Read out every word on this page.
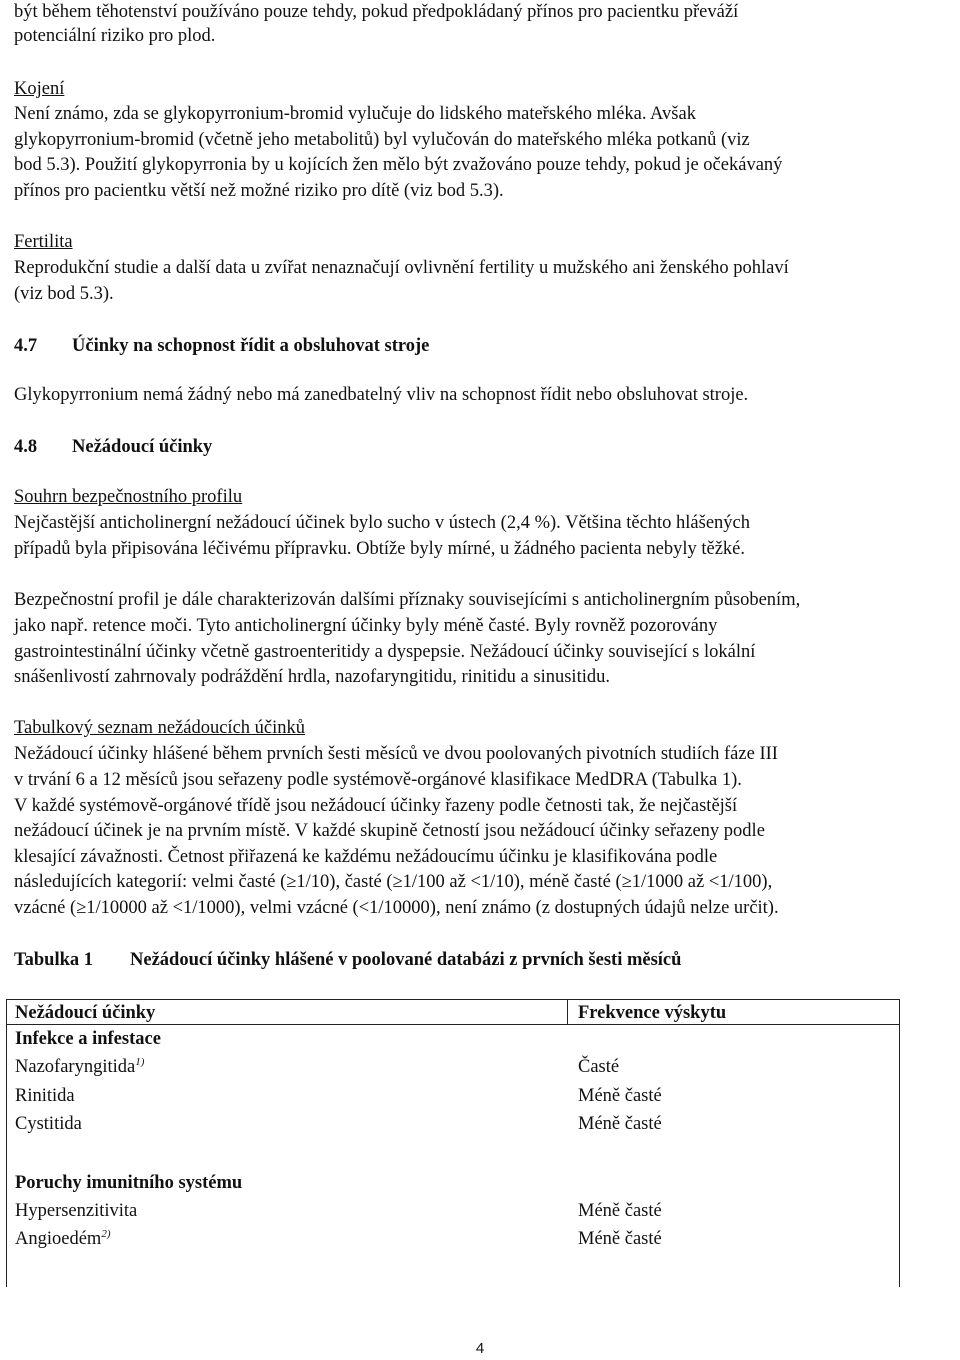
být během těhotenství používáno pouze tehdy, pokud předpokládaný přínos pro pacientku převáží
potenciální riziko pro plod.
Kojení
Není známo, zda se glykopyrronium-bromid vylučuje do lidského mateřského mléka. Avšak
glykopyrronium-bromid (včetně jeho metabolitů) byl vylučován do mateřského mléka potkanů (viz
bod 5.3). Použití glykopyrronia by u kojících žen mělo být zvažováno pouze tehdy, pokud je očekávaný
přínos pro pacientku větší než možné riziko pro dítě (viz bod 5.3).
Fertilita
Reprodukční studie a další data u zvířat nenaznačují ovlivnění fertility u mužského ani ženského pohlaví
(viz bod 5.3).
4.7 Účinky na schopnost řídit a obsluhovat stroje
Glykopyrronium nemá žádný nebo má zanedbatelný vliv na schopnost řídit nebo obsluhovat stroje.
4.8 Nežádoucí účinky
Souhrn bezpečnostního profilu
Nejčastější anticholinergní nežádoucí účinek bylo sucho v ústech (2,4 %). Většina těchto hlášených
případů byla připisována léčivému přípravku. Obtíže byly mírné, u žádného pacienta nebyly těžké.
Bezpečnostní profil je dále charakterizován dalšími příznaky souvisejícími s anticholinergním působením,
jako např. retence moči. Tyto anticholinergní účinky byly méně časté. Byly rovněž pozorovány
gastrointestinální účinky včetně gastroenteritidy a dyspepsie. Nežádoucí účinky související s lokální
snášenlivostí zahrnovaly podráždění hrdla, nazofaryngitidu, rinitidu a sinusitidu.
Tabulkový seznam nežádoucích účinků
Nežádoucí účinky hlášené během prvních šesti měsíců ve dvou poolovaných pivotních studiích fáze III
v trvání 6 a 12 měsíců jsou seřazeny podle systémově-orgánové klasifikace MedDRA (Tabulka 1).
V každé systémově-orgánové třídě jsou nežádoucí účinky řazeny podle četnosti tak, že nejčastější
nežádoucí účinek je na prvním místě. V každé skupině četností jsou nežádoucí účinky seřazeny podle
klesající závažnosti. Četnost přiřazená ke každému nežádoucímu účinku je klasifikována podle
následujících kategorií: velmi časté (≥1/10), časté (≥1/100 až <1/10), méně časté (≥1/1000 až <1/100),
vzácné (≥1/10000 až <1/1000), velmi vzácné (<1/10000), není známo (z dostupných údajů nelze určit).
Tabulka 1 Nežádoucí účinky hlášené v poolované databázi z prvních šesti měsíců
Nežádoucí účinky	Frekvence výskytu
Infekce a infestace
Nazofaryngitida$^{1)}$	Časté
Rinitida	Méně časté
Cystitida	Méně časté
Poruchy imunitního systému
Hypersenzitivita	Méně časté
Angioedém$^{2)}$	Méně časté
4
